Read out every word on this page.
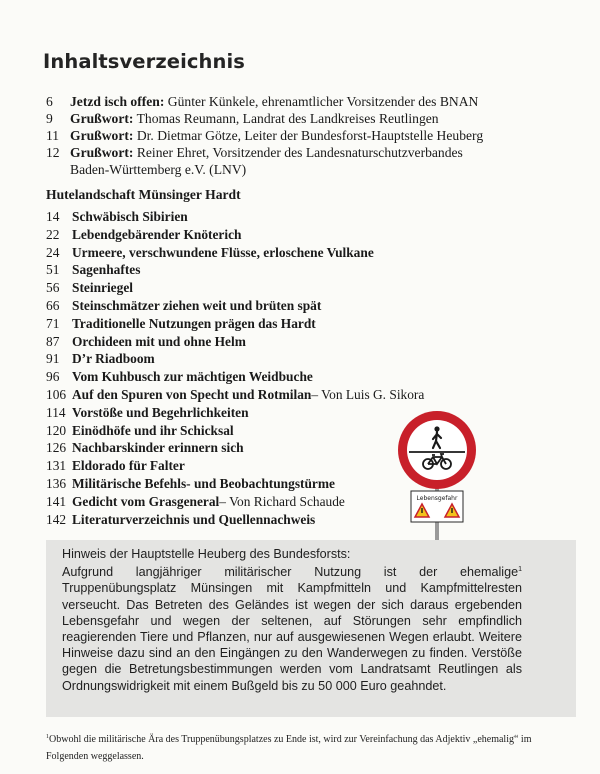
Inhaltsverzeichnis
6	Jetzd isch offen: Günter Künkele, ehrenamtlicher Vorsitzender des BNAN
9	Grußwort: Thomas Reumann, Landrat des Landkreises Reutlingen
11 Grußwort: Dr. Dietmar Götze, Leiter der Bundesforst-Hauptstelle Heuberg
12 Grußwort: Reiner Ehret, Vorsitzender des Landesnaturschutzverbandes
Baden-Württemberg e.V. (LNV)
Hutelandschaft Münsinger Hardt
14 Schwäbisch Sibirien
22 Lebendgebärender Knöterich
24 Urmeere, verschwundene Flüsse, erloschene Vulkane
51 Sagenhaftes
56 Steinriegel
66 Steinschmätzer ziehen weit und brüten spät
71 Traditionelle Nutzungen prägen das Hardt
87 Orchideen mit und ohne Helm
91 D’r Riadboom
96 Vom Kuhbusch zur mächtigen Weidbuche
106 Auf den Spuren von Specht und Rotmilan – Von Luis G. Sikora
114 Vorstöße und Begehrlichkeiten
120 Einödhöfe und ihr Schicksal
126 Nachbarskinder erinnern sich
131 Eldorado für Falter
136 Militärische Befehls- und Beobachtungstürme
141 Gedicht vom Grasgeneral – Von Richard Schaude
142 Literaturverzeichnis und Quellennachweis
Lebensgefahr
Hinweis der Hauptstelle Heuberg des Bundesforsts:
Aufgrund langjähriger militärischer Nutzung ist der ehemalige$^1$ Truppenübungsplatz Münsingen mit Kampfmitteln und Kampfmittelresten verseucht. Das Betreten des Geländes ist wegen der sich daraus ergebenden Lebensgefahr und wegen der seltenen, auf Störungen sehr empfindlich reagierenden Tiere und Pflanzen, nur auf ausgewiesenen Wegen erlaubt. Weitere Hinweise dazu sind an den Eingängen zu den Wanderwegen zu finden. Verstöße gegen die Betretungsbestimmungen werden vom Landratsamt Reutlingen als Ordnungswidrigkeit mit einem Bußgeld bis zu 50 000 Euro geahndet.
$^1$Obwohl die militärische Ära des Truppenübungsplatzes zu Ende ist, wird zur Vereinfachung das Adjektiv „ehemalig“ im Folgenden weggelassen.
